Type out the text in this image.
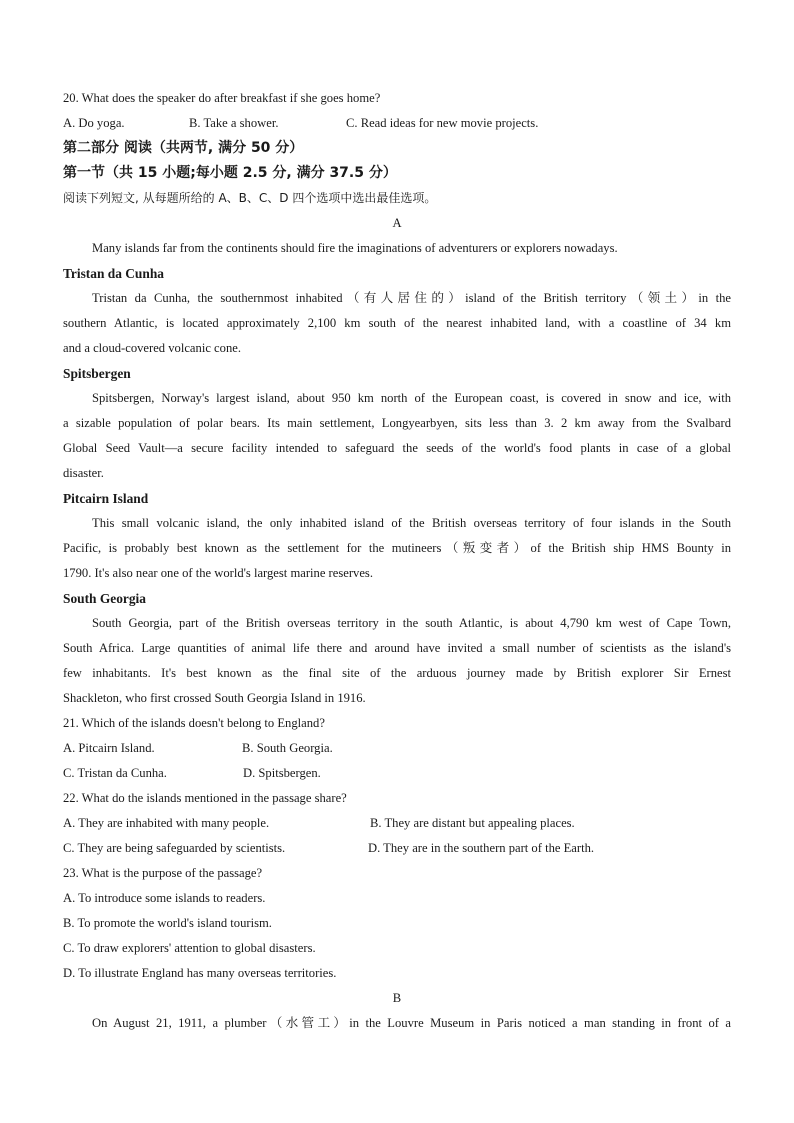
20. What does the speaker do after breakfast if she goes home?
A. Do yoga.	B. Take a shower.	C. Read ideas for new movie projects.
第二部分 阅读（共两节, 满分 50 分）
第一节（共 15 小题;每小题 2.5 分, 满分 37.5 分）
阅读下列短文, 从每题所给的 A、B、C、D 四个选项中选出最佳选项。
A
Many islands far from the continents should fire the imaginations of adventurers or explorers nowadays.
Tristan da Cunha
Tristan da Cunha, the southernmost inhabited（有人居住的）island of the British territory（领土）in the
southern Atlantic, is located approximately 2,100 km south of the nearest inhabited land, with a coastline of 34 km
and a cloud-covered volcanic cone.
Spitsbergen
Spitsbergen, Norway's largest island, about 950 km north of the European coast, is covered in snow and ice, with
a sizable population of polar bears. Its main settlement, Longyearbyen, sits less than 3. 2 km away from the Svalbard
Global Seed Vault—a secure facility intended to safeguard the seeds of the world's food plants in case of a global
disaster.
Pitcairn Island
This small volcanic island, the only inhabited island of the British overseas territory of four islands in the South
Pacific, is probably best known as the settlement for the mutineers（叛变者）of the British ship HMS Bounty in
1790. It's also near one of the world's largest marine reserves.
South Georgia
South Georgia, part of the British overseas territory in the south Atlantic, is about 4,790 km west of Cape Town,
South Africa. Large quantities of animal life there and around have invited a small number of scientists as the island's
few inhabitants. It's best known as the final site of the arduous journey made by British explorer Sir Ernest
Shackleton, who first crossed South Georgia Island in 1916.
21. Which of the islands doesn't belong to England?
A. Pitcairn Island.	B. South Georgia.
C. Tristan da Cunha.	D. Spitsbergen.
22. What do the islands mentioned in the passage share?
A. They are inhabited with many people.	B. They are distant but appealing places.
C. They are being safeguarded by scientists.	D. They are in the southern part of the Earth.
23. What is the purpose of the passage?
A. To introduce some islands to readers.
B. To promote the world's island tourism.
C. To draw explorers' attention to global disasters.
D. To illustrate England has many overseas territories.
B
On August 21, 1911, a plumber（水管工）in the Louvre Museum in Paris noticed a man standing in front of a
